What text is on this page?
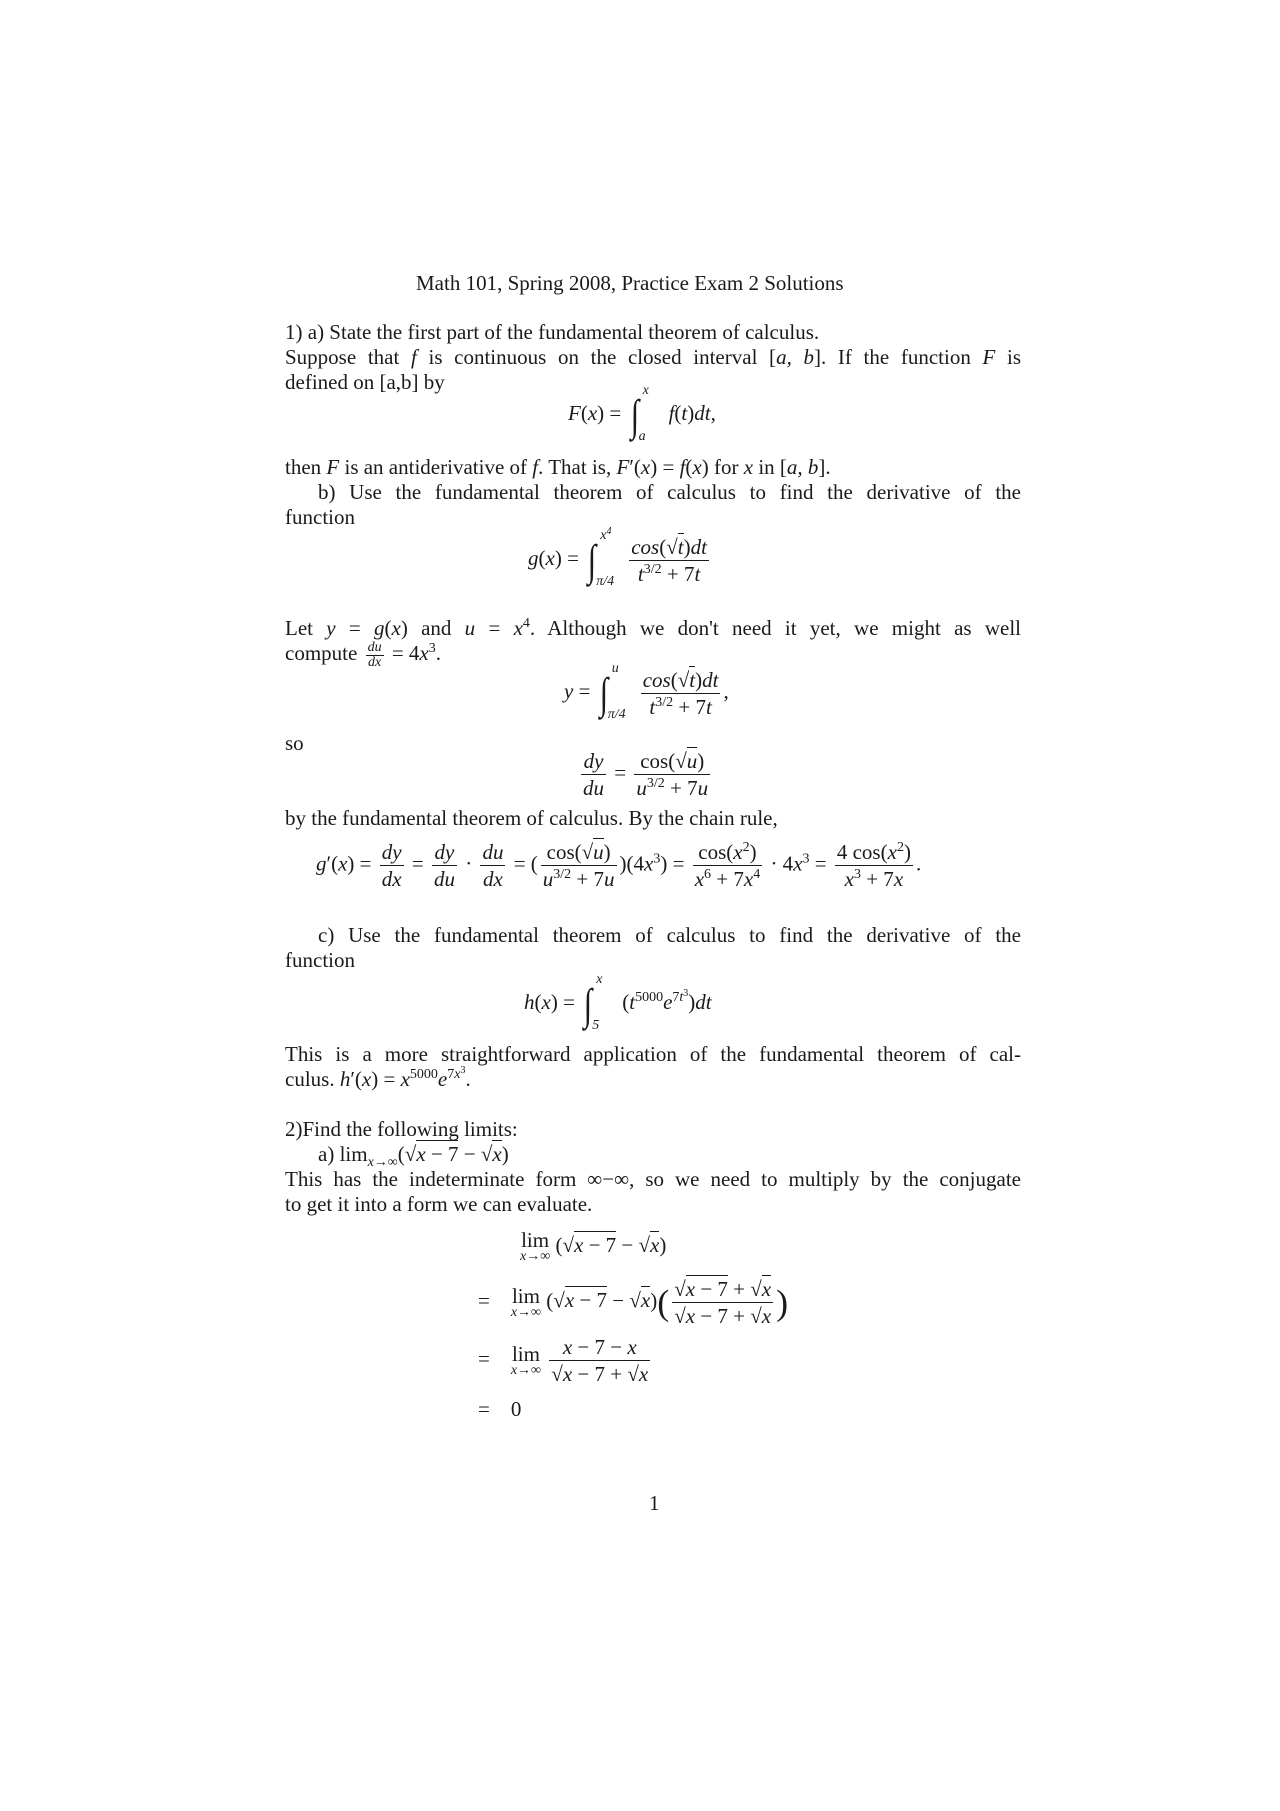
Math 101, Spring 2008, Practice Exam 2 Solutions
1) a) State the first part of the fundamental theorem of calculus.
Suppose that f is continuous on the closed interval [a, b]. If the function F is
defined on [a,b] by
F(x) = ∫ x
a
f(t)dt,
then F is an antiderivative of f. That is, F′(x) = f(x) for x in [a, b].
b) Use the fundamental theorem of calculus to find the derivative of the
function
g(x) = ∫ $x^4$
$\pi/4 \frac{\cos(√t)dt}{t^{3/2} + 7t}$
Let y = g(x) and $u = x^4$. Although we don't need it yet, we might as well
compute $\frac{du}{dx} = 4x^3$.
y = ∫ u
$\pi/4 \frac{\cos(√t)dt}{t^{3/2} + 7t}$ ,
so
$\frac{dy}{du} = \frac{\cos(√u)}{u^{3/2} + 7u}$
by the fundamental theorem of calculus. By the chain rule,
$g'(x) = \frac{dy}{dx} = \frac{dy}{du} \cdot \frac{du}{dx}$ = ( $\frac{\cos(√u)}{u^{3/2} + 7u} )(4x^3) = \frac{\cos(x^2)}{x^6 + 7x^4} \cdot 4x^3 = \frac{4 \cos(x^2)}{x^3 + 7x}$ .
c) Use the fundamental theorem of calculus to find the derivative of the
function
h(x) = ∫ x
5
$(t^{5000}e^{7t^3})dt$
This is a more straightforward application of the fundamental theorem of cal-
culus. $h'(x) = x^{5000}e^{7x^3}$.
2)Find the following limits:
a) $\lim_{x\to\infty}(√x - 7 - √x)$
This has the indeterminate form ∞−∞, so we need to multiply by the conjugate
to get it into a form we can evaluate.
lim
x→∞ (√x − 7 − √x)
=    lim
x→∞ $(√x - 7 - √x)( \frac{√x - 7 + √x}{√x - 7 + √x}$ )
=    lim
x→∞
$\frac{x - 7 - x}{√x - 7 + √x}$
=    0
1
